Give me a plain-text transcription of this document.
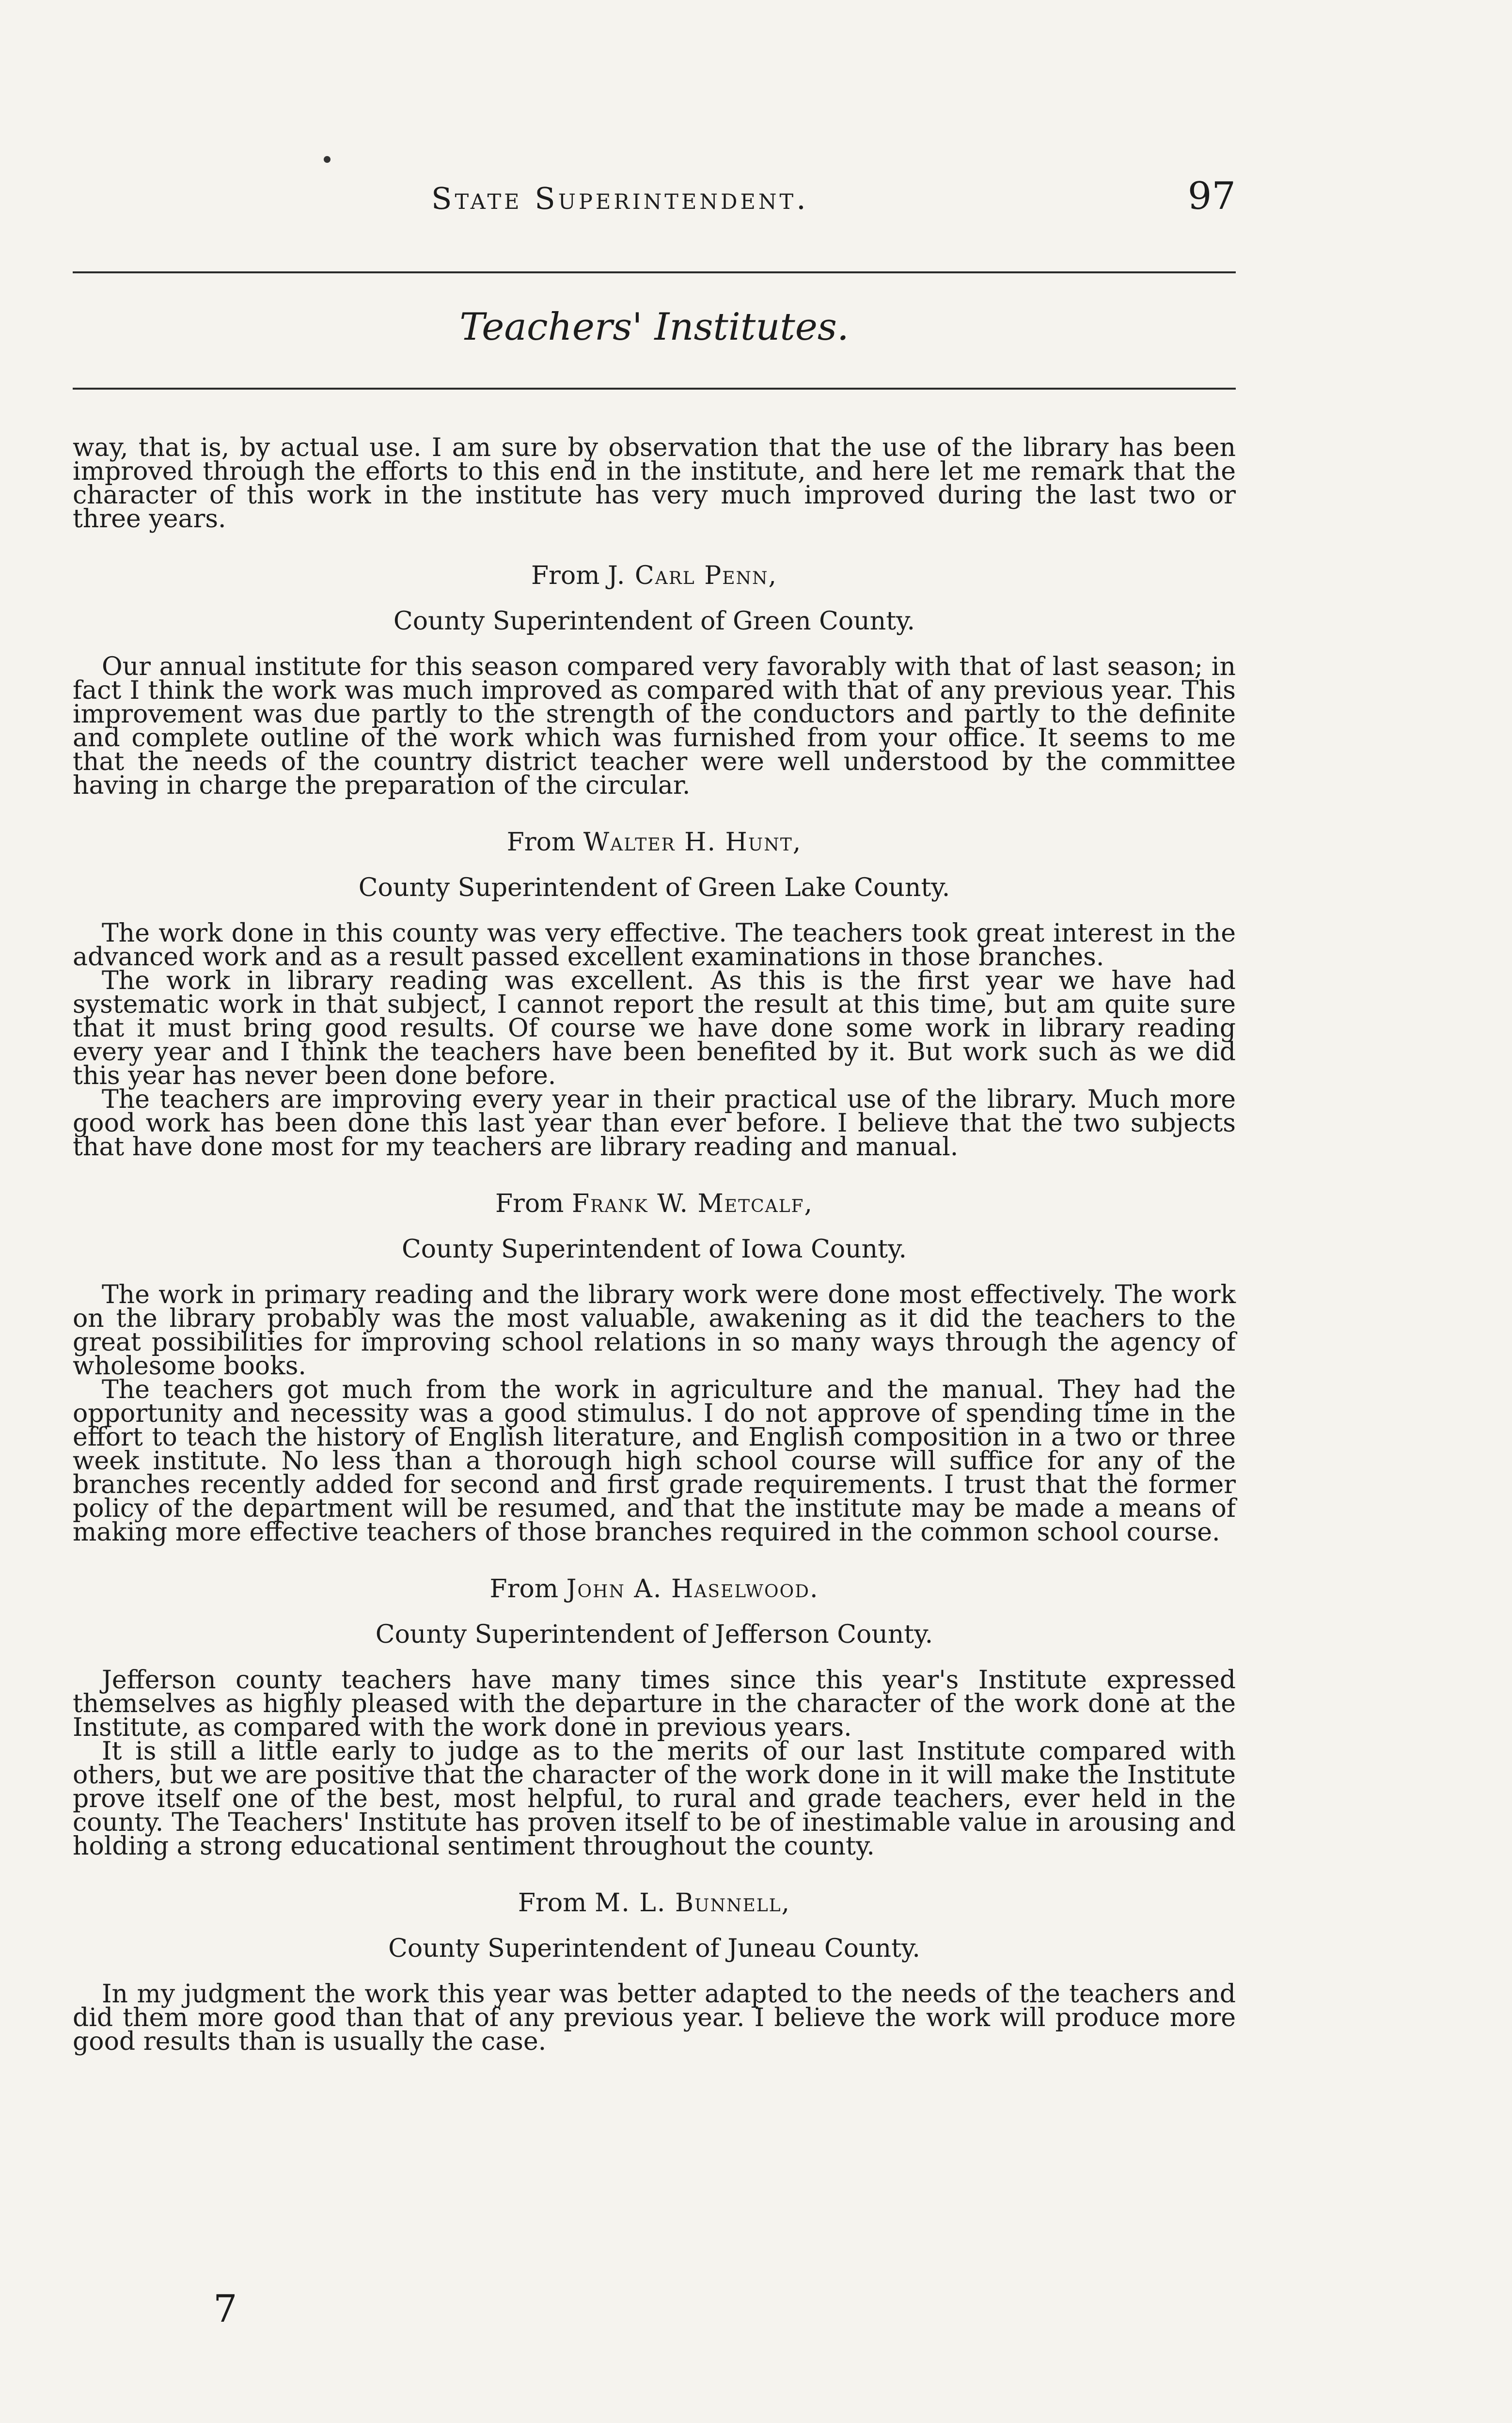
State Superintendent.	97
Teachers' Institutes.

way, that is, by actual use. I am sure by observation that the use of the library has been improved through the efforts to this end in the institute, and here let me remark that the character of this work in the institute has very much improved during the last two or three years.

From J. Carl Penn,
County Superintendent of Green County.

Our annual institute for this season compared very favorably with that of last season; in fact I think the work was much improved as compared with that of any previous year. This improvement was due partly to the strength of the conductors and partly to the definite and complete outline of the work which was furnished from your office. It seems to me that the needs of the country district teacher were well understood by the committee having in charge the preparation of the circular.

From Walter H. Hunt,
County Superintendent of Green Lake County.

The work done in this county was very effective. The teachers took great interest in the advanced work and as a result passed excellent examinations in those branches.

The work in library reading was excellent. As this is the first year we have had systematic work in that subject, I cannot report the result at this time, but am quite sure that it must bring good results. Of course we have done some work in library reading every year and I think the teachers have been benefited by it. But work such as we did this year has never been done before.

The teachers are improving every year in their practical use of the library. Much more good work has been done this last year than ever before. I believe that the two subjects that have done most for my teachers are library reading and manual.

From Frank W. Metcalf,
County Superintendent of Iowa County.

The work in primary reading and the library work were done most effectively. The work on the library probably was the most valuable, awakening as it did the teachers to the great possibilities for improving school relations in so many ways through the agency of wholesome books.

The teachers got much from the work in agriculture and the manual. They had the opportunity and necessity was a good stimulus. I do not approve of spending time in the effort to teach the history of English literature, and English composition in a two or three week institute. No less than a thorough high school course will suffice for any of the branches recently added for second and first grade requirements. I trust that the former policy of the department will be resumed, and that the institute may be made a means of making more effective teachers of those branches required in the common school course.

From John A. Haselwood.
County Superintendent of Jefferson County.

Jefferson county teachers have many times since this year's Institute expressed themselves as highly pleased with the departure in the character of the work done at the Institute, as compared with the work done in previous years.

It is still a little early to judge as to the merits of our last Institute compared with others, but we are positive that the character of the work done in it will make the Institute prove itself one of the best, most helpful, to rural and grade teachers, ever held in the county. The Teachers' Institute has proven itself to be of inestimable value in arousing and holding a strong educational sentiment throughout the county.

From M. L. Bunnell,
County Superintendent of Juneau County.

In my judgment the work this year was better adapted to the needs of the teachers and did them more good than that of any previous year. I believe the work will produce more good results than is usually the case.

7
